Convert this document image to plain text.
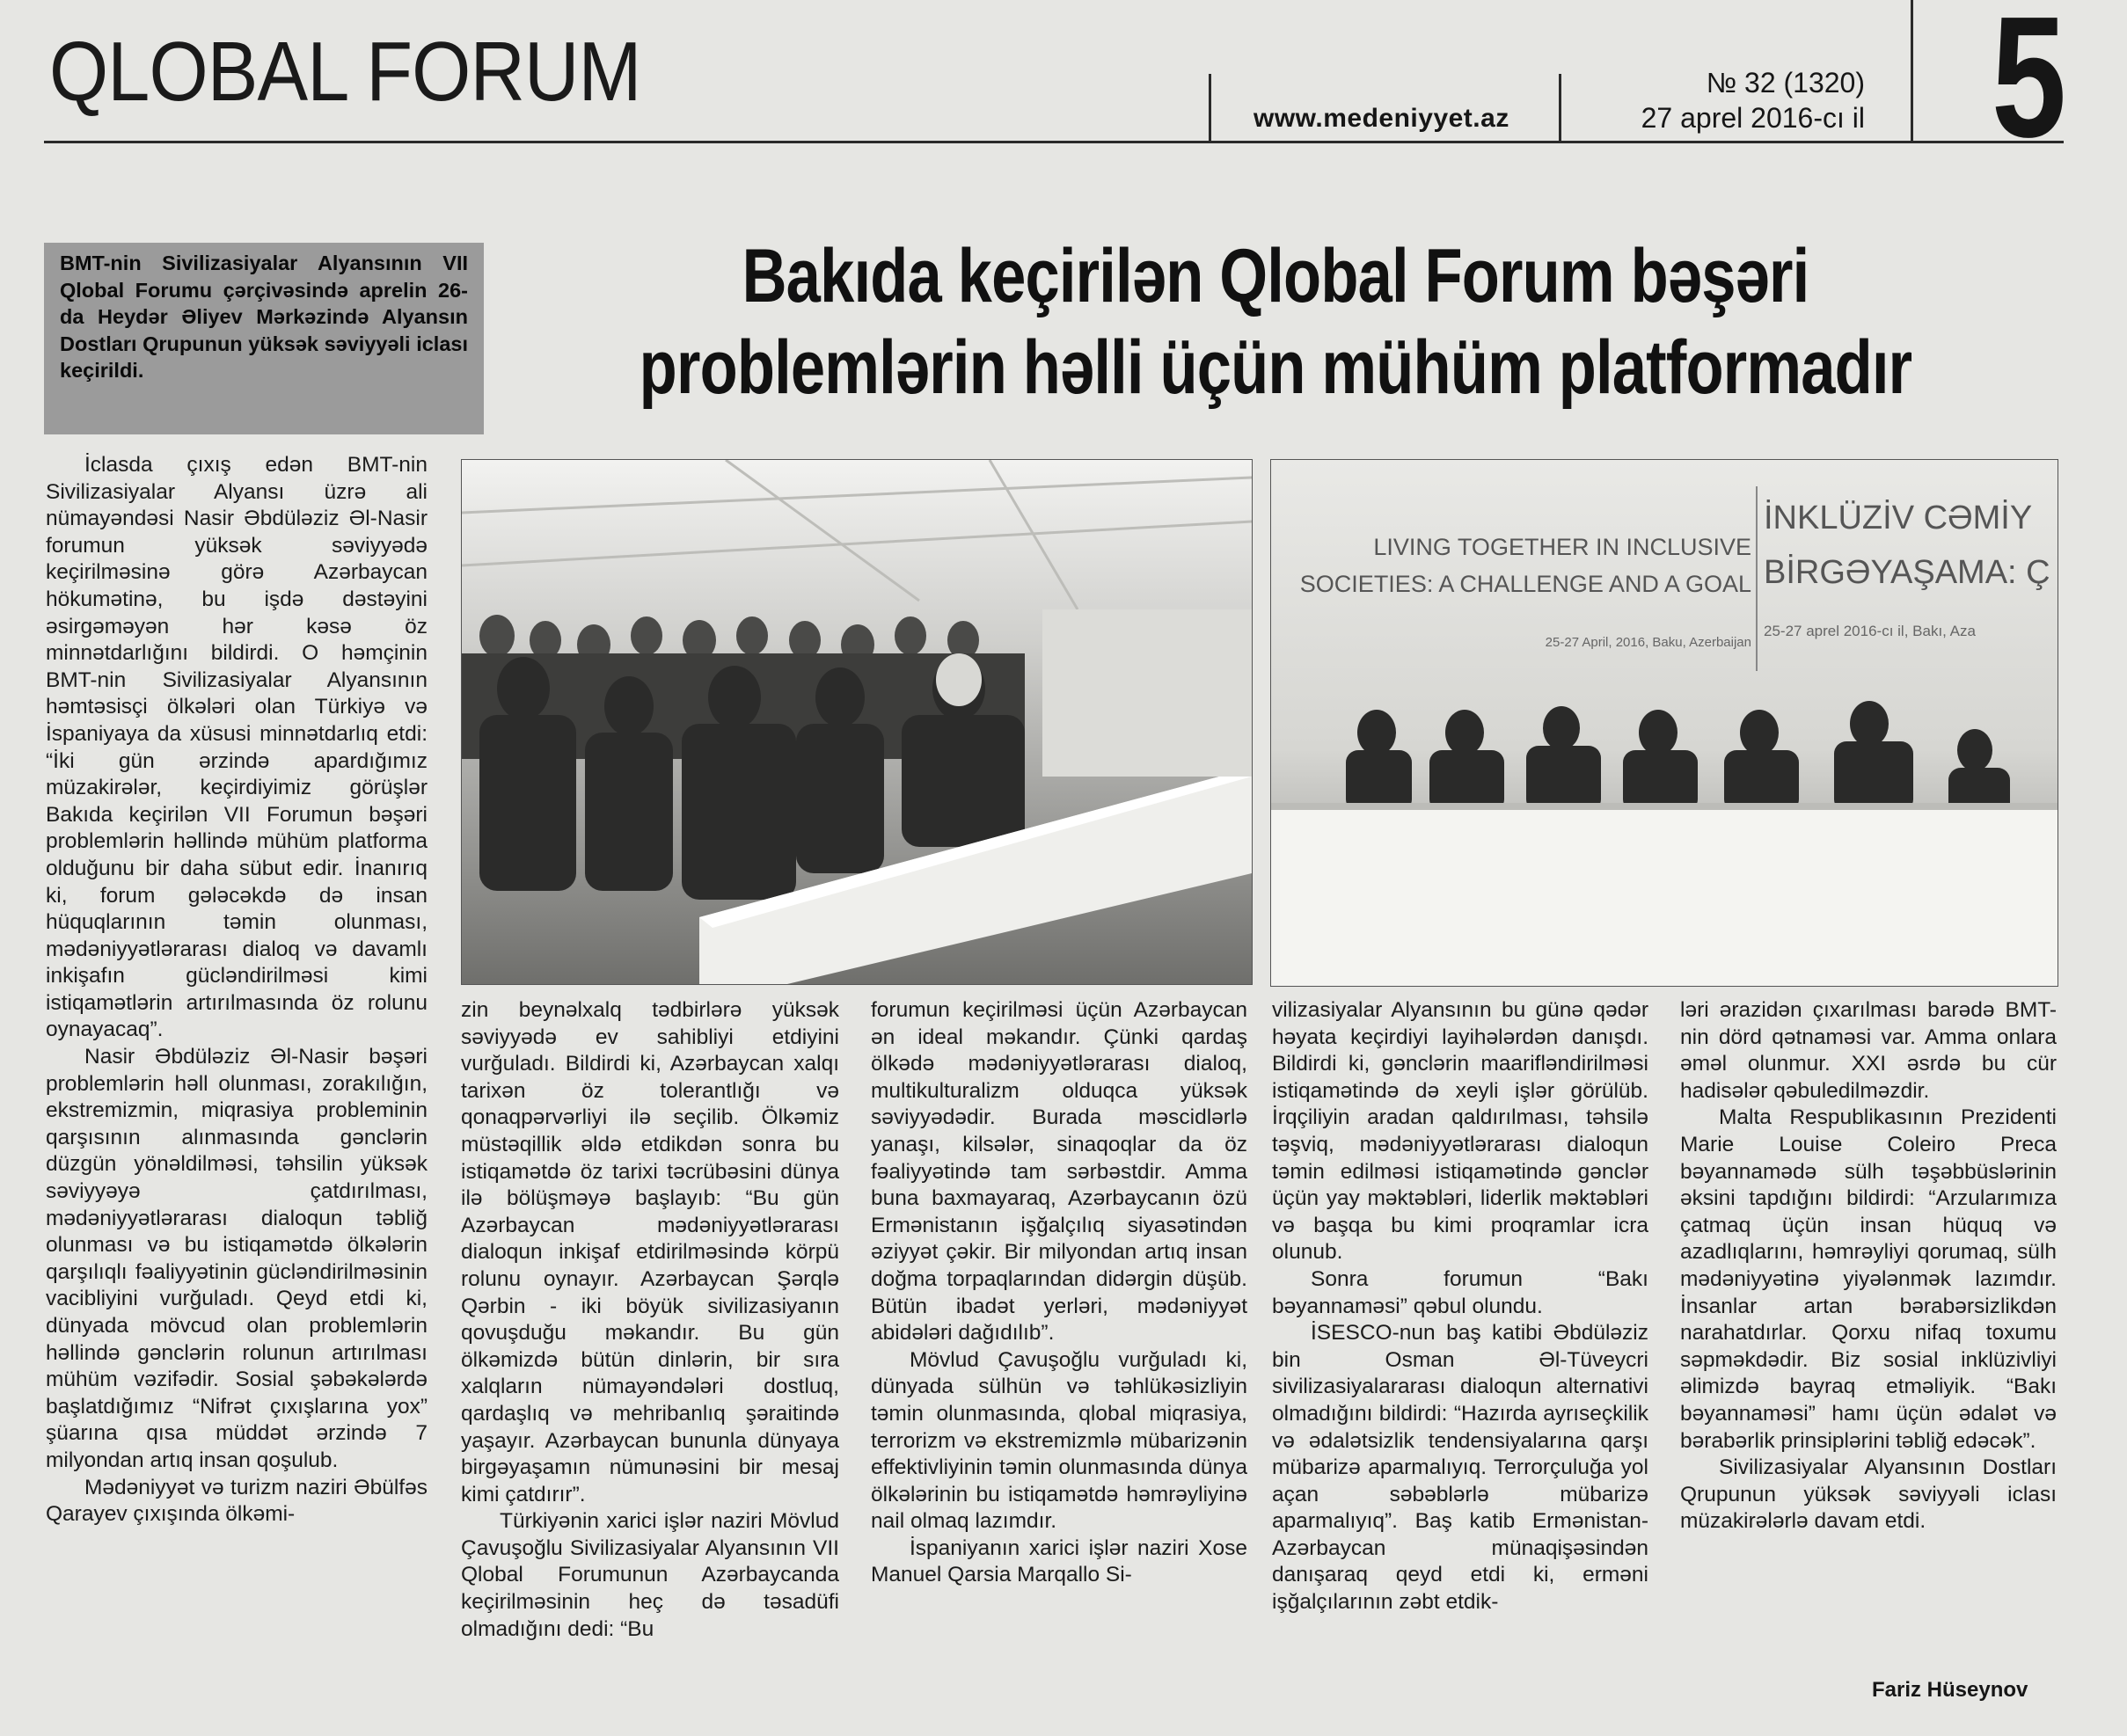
QLOBAL FORUM	www.medeniyyet.az
№ 32 (1320)
27 aprel 2016-cı il 5
BMT-nin Sivilizasiyalar Alyansının VII Qlobal Forumu çərçivəsində aprelin 26-da Heydər Əliyev Mərkəzində Alyansın Dostları Qrupunun yüksək səviyyəli iclası keçirildi.
Bakıda keçirilən Qlobal Forum bəşəri
problemlərin həlli üçün mühüm platformadır
LIVING TOGETHER IN INCLUSIVE
SOCIETIES: A CHALLENGE AND A GOAL
25-27 April, 2016, Baku, Azerbaijan
İNKLÜZİV CƏMİY
BİRGƏYAŞAMA: Ç
25-27 aprel 2016-cı il, Bakı, Aza

İclasda çıxış edən BMT-nin Sivilizasiyalar Alyansı üzrə ali nümayəndəsi Nasir Əbdüləziz Əl-Nasir forumun yüksək səviyyədə keçirilməsinə görə Azərbaycan hökumətinə, bu işdə dəstəyini əsirgəməyən hər kəsə öz minnətdarlığını bildirdi. O həmçinin BMT-nin Sivilizasiyalar Alyansının həmtəsisçi ölkələri olan Türkiyə və İspaniyaya da xüsusi minnətdarlıq etdi: “İki gün ərzində apardığımız müzakirələr, keçirdiyimiz görüşlər Bakıda keçirilən VII Forumun bəşəri problemlərin həllində mühüm platforma olduğunu bir daha sübut edir. İnanırıq ki, forum gələcəkdə də insan hüquqlarının təmin olunması, mədəniyyətlərarası dialoq və davamlı inkişafın gücləndirilməsi kimi istiqamətlərin artırılmasında öz rolunu oynayacaq”.

Nasir Əbdüləziz Əl-Nasir bəşəri problemlərin həll olunması, zorakılığın, ekstremizmin, miqrasiya probleminin qarşısının alınmasında gənclərin düzgün yönəldilməsi, təhsilin yüksək səviyyəyə çatdırılması, mədəniyyətlərarası dialoqun təbliğ olunması və bu istiqamətdə ölkələrin qarşılıqlı fəaliyyətinin gücləndirilməsinin vacibliyini vurğuladı. Qeyd etdi ki, dünyada mövcud olan problemlərin həllində gənclərin rolunun artırılması mühüm vəzifədir. Sosial şəbəkələrdə başlatdığımız “Nifrət çıxışlarına yox” şüarına qısa müddət ərzində 7 milyondan artıq insan qoşulub.

Mədəniyyət və turizm naziri Əbülfəs Qarayev çıxışında ölkəmi-

zin beynəlxalq tədbirlərə yüksək səviyyədə ev sahibliyi etdiyini vurğuladı. Bildirdi ki, Azərbaycan xalqı tarixən öz tolerantlığı və qonaqpərvərliyi ilə seçilib. Ölkəmiz müstəqillik əldə etdikdən sonra bu istiqamətdə öz tarixi təcrübəsini dünya ilə bölüşməyə başlayıb: “Bu gün Azərbaycan mədəniyyətlərarası dialoqun inkişaf etdirilməsində körpü rolunu oynayır. Azərbaycan Şərqlə Qərbin - iki böyük sivilizasiyanın qovuşduğu məkandır. Bu gün ölkəmizdə bütün dinlərin, bir sıra xalqların nümayəndələri dostluq, qardaşlıq və mehribanlıq şəraitində yaşayır. Azərbaycan bununla dünyaya birgəyaşamın nümunəsini bir mesaj kimi çatdırır”.

Türkiyənin xarici işlər naziri Mövlud Çavuşoğlu Sivilizasiyalar Alyansının VII Qlobal Forumunun Azərbaycanda keçirilməsinin heç də təsadüfi olmadığını dedi: “Bu

forumun keçirilməsi üçün Azərbaycan ən ideal məkandır. Çünki qardaş ölkədə mədəniyyətlərarası dialoq, multikulturalizm olduqca yüksək səviyyədədir. Burada məscidlərlə yanaşı, kilsələr, sinaqoqlar da öz fəaliyyətində tam sərbəstdir. Amma buna baxmayaraq, Azərbaycanın özü Ermənistanın işğalçılıq siyasətindən əziyyət çəkir. Bir milyondan artıq insan doğma torpaqlarından didərgin düşüb. Bütün ibadət yerləri, mədəniyyət abidələri dağıdılıb”.

Mövlud Çavuşoğlu vurğuladı ki, dünyada sülhün və təhlükəsizliyin təmin olunmasında, qlobal miqrasiya, terrorizm və ekstremizmlə mübarizənin effektivliyinin təmin olunmasında dünya ölkələrinin bu istiqamətdə həmrəyliyinə nail olmaq lazımdır.

İspaniyanın xarici işlər naziri Xose Manuel Qarsia Marqallo Si-

vilizasiyalar Alyansının bu günə qədər həyata keçirdiyi layihələrdən danışdı. Bildirdi ki, gənclərin maarifləndirilməsi istiqamətində də xeyli işlər görülüb. İrqçiliyin aradan qaldırılması, təhsilə təşviq, mədəniyyətlərarası dialoqun təmin edilməsi istiqamətində gənclər üçün yay məktəbləri, liderlik məktəbləri və başqa bu kimi proqramlar icra olunub.

Sonra forumun “Bakı bəyannaməsi” qəbul olundu.

İSESCO-nun baş katibi Əbdüləziz bin Osman Əl-Tüveycri sivilizasiyalararası dialoqun alternativi olmadığını bildirdi: “Hazırda ayrıseçkilik və ədalətsizlik tendensiyalarına qarşı mübarizə aparmalıyıq. Terrorçuluğa yol açan səbəblərlə mübarizə aparmalıyıq”. Baş katib Ermənistan-Azərbaycan münaqişəsindən danışaraq qeyd etdi ki, erməni işğalçılarının zəbt etdik-

ləri ərazidən çıxarılması barədə BMT-nin dörd qətnaməsi var. Amma onlara əməl olunmur. XXI əsrdə bu cür hadisələr qəbuledilməzdir.

Malta Respublikasının Prezidenti Marie Louise Coleiro Preca bəyannamədə sülh təşəbbüslərinin əksini tapdığını bildirdi: “Arzularımıza çatmaq üçün insan hüquq və azadlıqlarını, həmrəyliyi qorumaq, sülh mədəniyyətinə yiyələnmək lazımdır. İnsanlar artan bərabərsizlikdən narahatdırlar. Qorxu nifaq toxumu səpməkdədir. Biz sosial inklüzivliyi əlimizdə bayraq etməliyik. “Bakı bəyannaməsi” hamı üçün ədalət və bərabərlik prinsiplərini təbliğ edəcək”.

Sivilizasiyalar Alyansının Dostları Qrupunun yüksək səviyyəli iclası müzakirələrlə davam etdi.

Fariz Hüseynov
